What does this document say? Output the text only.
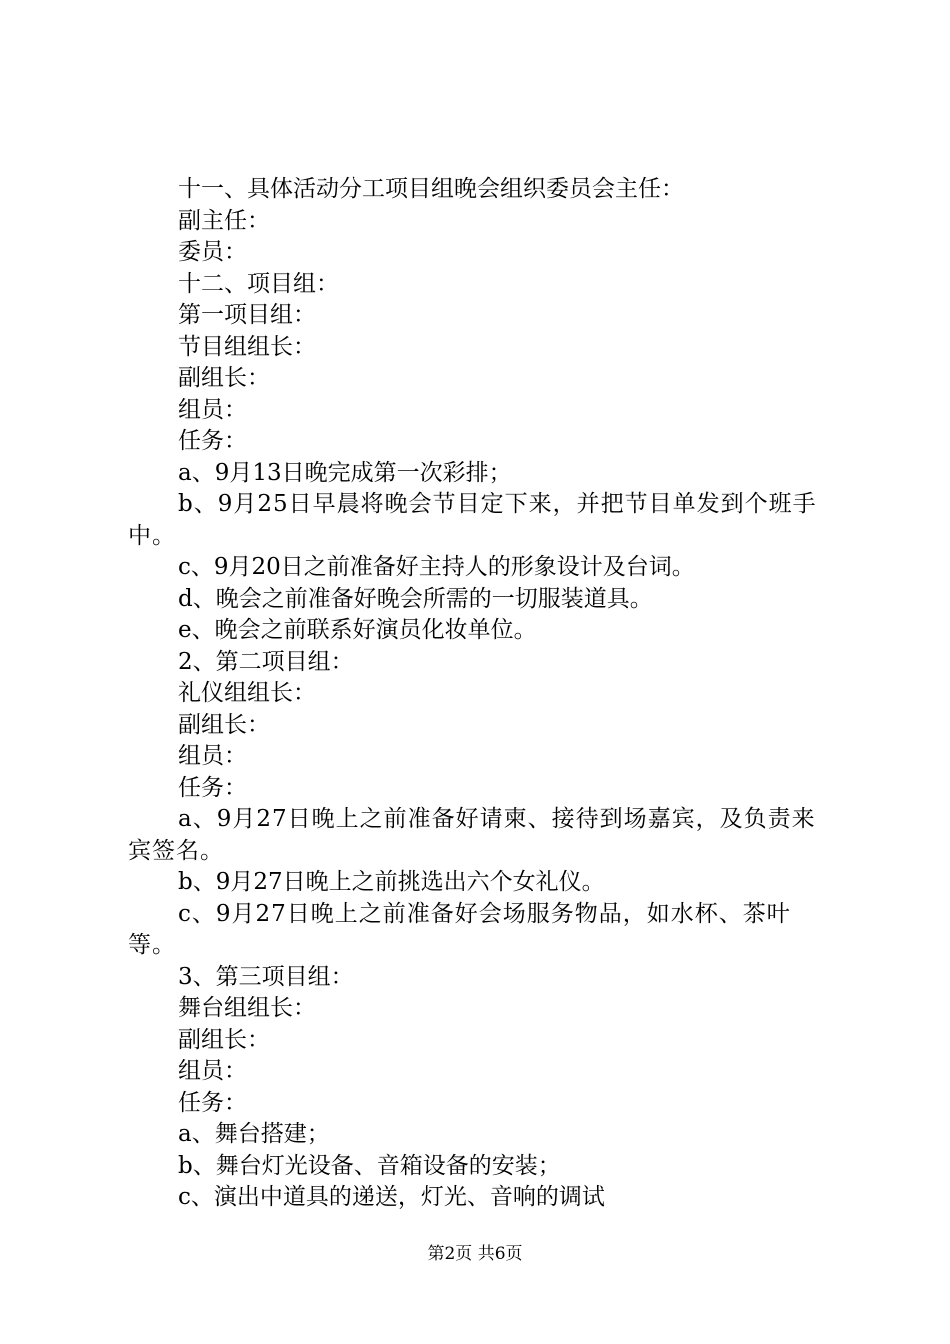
十一、具体活动分工项目组晚会组织委员会主任：
副主任：
委员：
十二、项目组：
第一项目组：
节目组组长：
副组长：
组员：
任务：
a、9月13日晚完成第一次彩排；
b、9月25日早晨将晚会节目定下来，并把节目单发到个班手中。
c、9月20日之前准备好主持人的形象设计及台词。
d、晚会之前准备好晚会所需的一切服装道具。
e、晚会之前联系好演员化妆单位。
2、第二项目组：
礼仪组组长：
副组长：
组员：
任务：
a、9月27日晚上之前准备好请柬、接待到场嘉宾，及负责来宾签名。
b、9月27日晚上之前挑选出六个女礼仪。
c、9月27日晚上之前准备好会场服务物品，如水杯、茶叶等。
3、第三项目组：
舞台组组长：
副组长：
组员：
任务：
a、舞台搭建；
b、舞台灯光设备、音箱设备的安装；
c、演出中道具的递送，灯光、音响的调试
第2页 共6页
